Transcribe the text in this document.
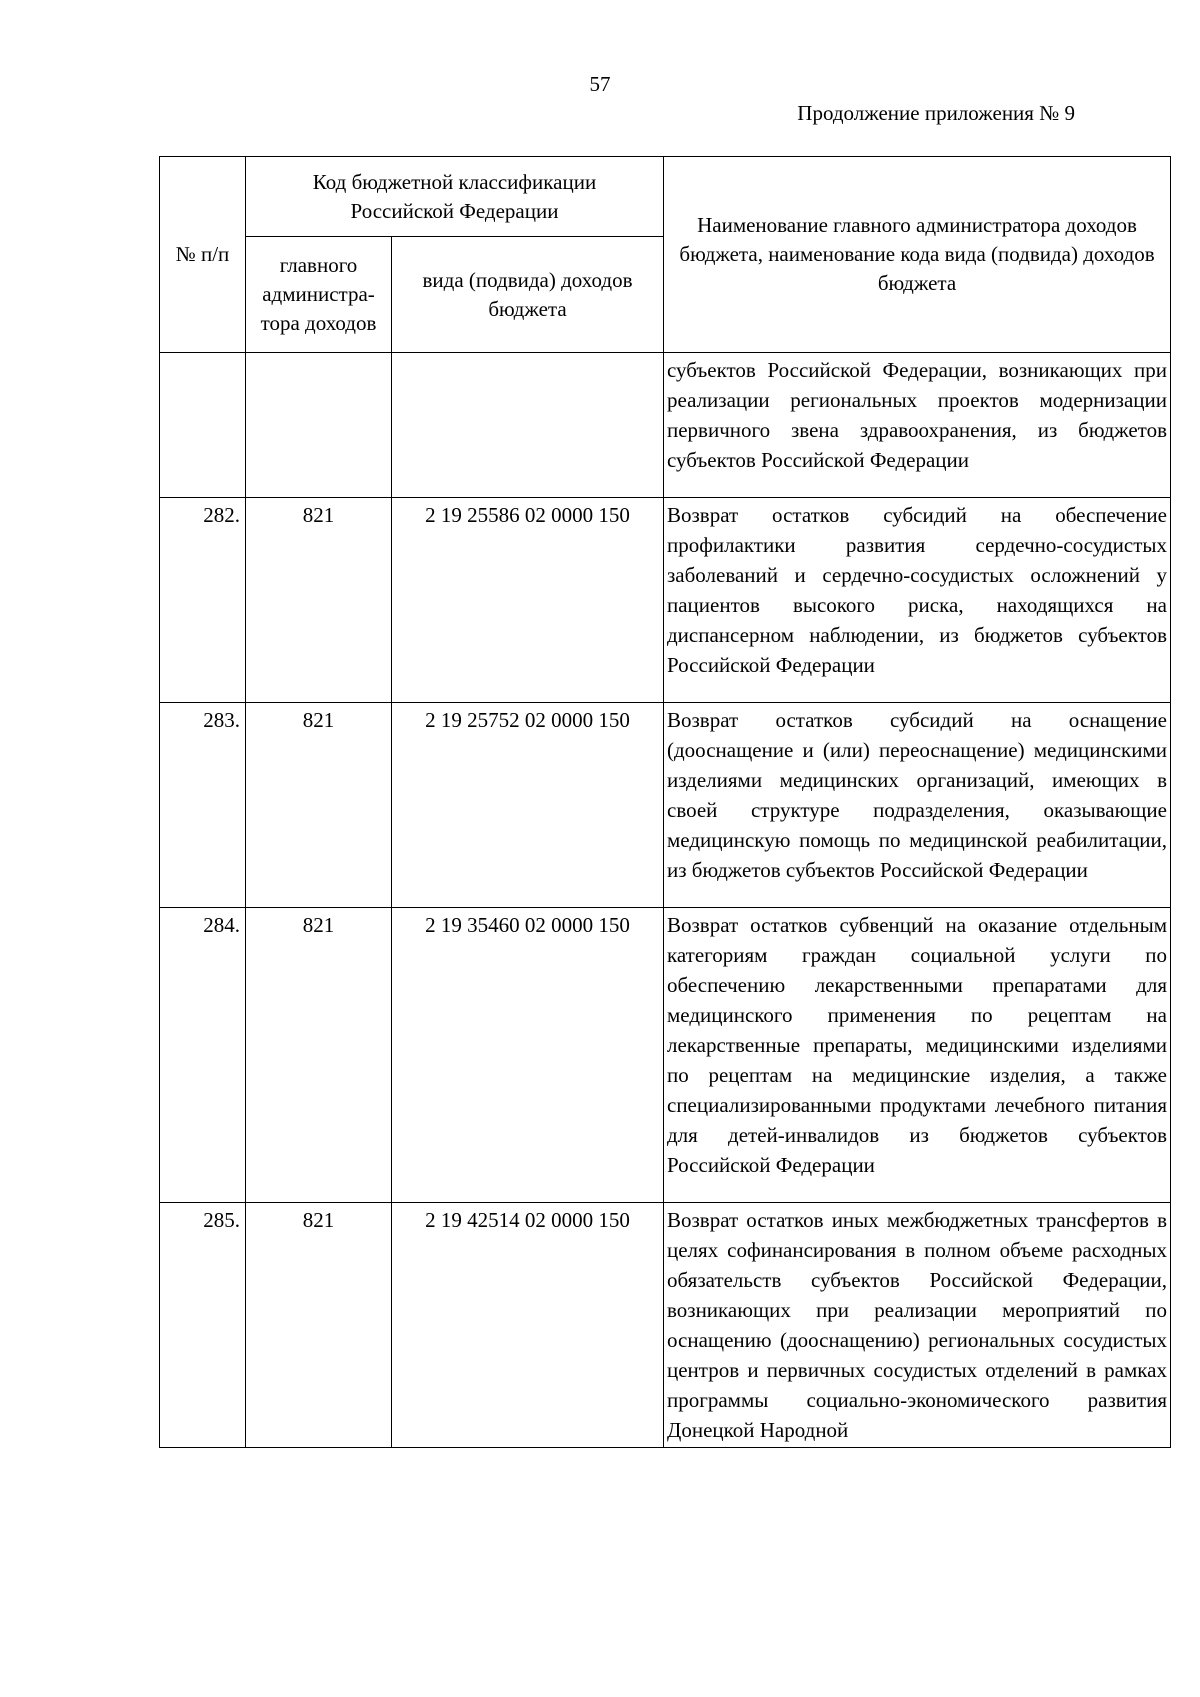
57
Продолжение приложения № 9
№ п/п	Код бюджетной классификации Российской Федерации		Наименование главного администратора доходов бюджета, наименование кода вида (подвида) доходов бюджета
	главного администра-тора доходов	вида (подвида) доходов бюджета	
			субъектов Российской Федерации, возникающих при реализации региональных проектов модернизации первичного звена здравоохранения, из бюджетов субъектов Российской Федерации
282.	821	2 19 25586 02 0000 150	Возврат остатков субсидий на обеспечение профилактики развития сердечно-сосудистых заболеваний и сердечно-сосудистых осложнений у пациентов высокого риска, находящихся на диспансерном наблюдении, из бюджетов субъектов Российской Федерации
283.	821	2 19 25752 02 0000 150	Возврат остатков субсидий на оснащение (дооснащение и (или) переоснащение) медицинскими изделиями медицинских организаций, имеющих в своей структуре подразделения, оказывающие медицинскую помощь по медицинской реабилитации, из бюджетов субъектов Российской Федерации
284.	821	2 19 35460 02 0000 150	Возврат остатков субвенций на оказание отдельным категориям граждан социальной услуги по обеспечению лекарственными препаратами для медицинского применения по рецептам на лекарственные препараты, медицинскими изделиями по рецептам на медицинские изделия, а также специализированными продуктами лечебного питания для детей-инвалидов из бюджетов субъектов Российской Федерации
285.	821	2 19 42514 02 0000 150	Возврат остатков иных межбюджетных трансфертов в целях софинансирования в полном объеме расходных обязательств субъектов Российской Федерации, возникающих при реализации мероприятий по оснащению (дооснащению) региональных сосудистых центров и первичных сосудистых отделений в рамках программы социально-экономического развития Донецкой Народной
